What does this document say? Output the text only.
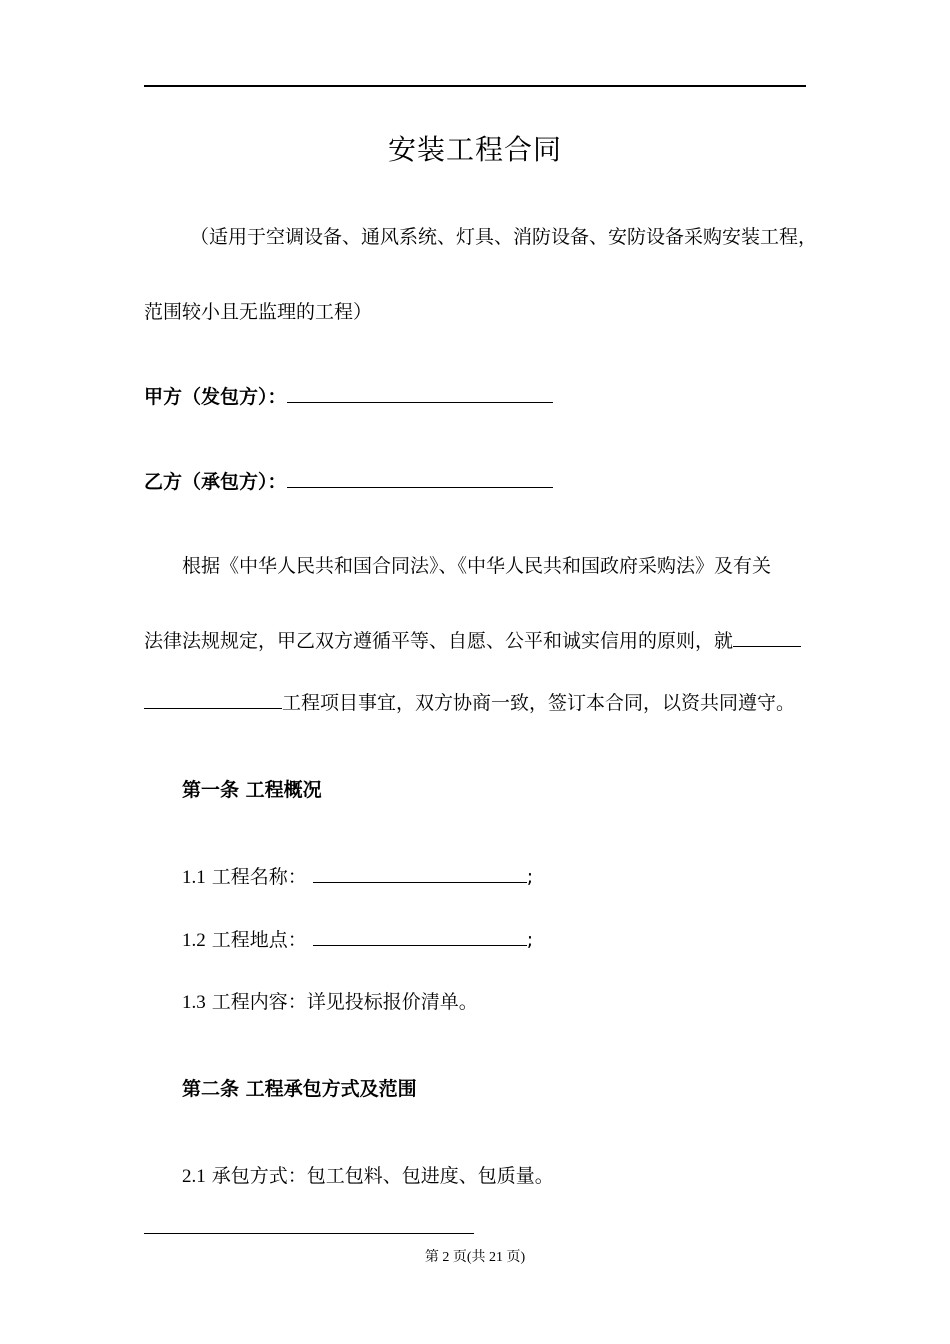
安装工程合同
（适用于空调设备、通风系统、灯具、消防设备、安防设备采购安装工程，
范围较小且无监理的工程）
甲方（发包方）：
乙方（承包方）：
根据《中华人民共和国合同法》、《中华人民共和国政府采购法》及有关
法律法规规定，甲乙双方遵循平等、自愿、公平和诚实信用的原则，就
工程项目事宜，双方协商一致，签订本合同，以资共同遵守。
第一条 工程概况
1.1 工程名称：	;
1.2 工程地点：	;
1.3 工程内容：详见投标报价清单。
第二条 工程承包方式及范围
2.1 承包方式：包工包料、包进度、包质量。
第 2 页(共 21 页)
